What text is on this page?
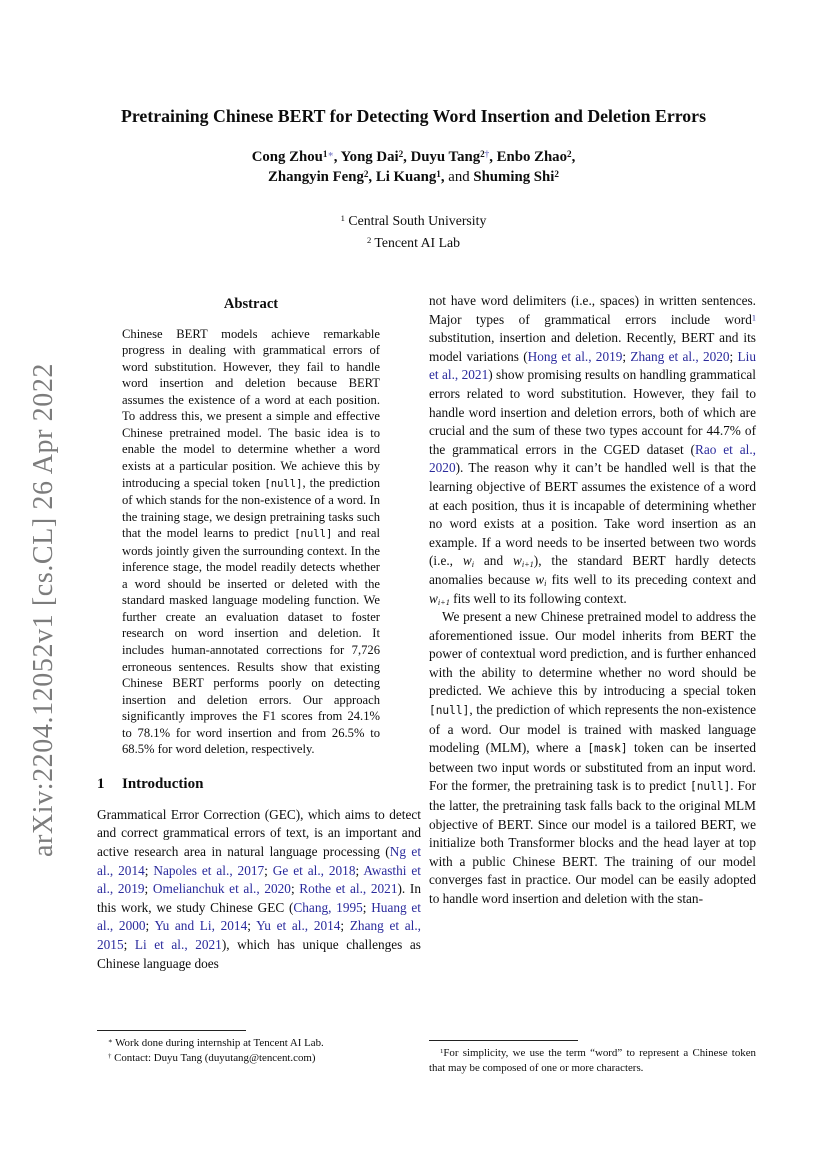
arXiv:2204.12052v1 [cs.CL] 26 Apr 2022
Pretraining Chinese BERT for Detecting Word Insertion and Deletion Errors
Cong Zhou$^{1∗}$, Yong Dai$^2$, Duyu Tang$^{2\dagger}$, Enbo Zhao$^2$,
Zhangyin Feng$^2$, Li Kuang$^1$, and Shuming Shi$^2$
$^1$ Central South University
$^2$ Tencent AI Lab
Abstract

Chinese BERT models achieve remarkable progress in dealing with grammatical errors of word substitution. However, they fail to handle word insertion and deletion because BERT assumes the existence of a word at each position. To address this, we present a simple and effective Chinese pretrained model. The basic idea is to enable the model to determine whether a word exists at a particular position. We achieve this by introducing a special token [null], the prediction of which stands for the non-existence of a word. In the training stage, we design pretraining tasks such that the model learns to predict [null] and real words jointly given the surrounding context. In the inference stage, the model readily detects whether a word should be inserted or deleted with the standard masked language modeling function. We further create an evaluation dataset to foster research on word insertion and deletion. It includes human-annotated corrections for 7,726 erroneous sentences. Results show that existing Chinese BERT performs poorly on detecting insertion and deletion errors. Our approach significantly improves the F1 scores from 24.1% to 78.1% for word insertion and from 26.5% to 68.5% for word deletion, respectively.

1 Introduction

Grammatical Error Correction (GEC), which aims to detect and correct grammatical errors of text, is an important and active research area in natural language processing (Ng et al., 2014; Napoles et al., 2017; Ge et al., 2018; Awasthi et al., 2019; Omelianchuk et al., 2020; Rothe et al., 2021). In this work, we study Chinese GEC (Chang, 1995; Huang et al., 2000; Yu and Li, 2014; Yu et al., 2014; Zhang et al., 2015; Li et al., 2021), which has unique challenges as Chinese language does

not have word delimiters (i.e., spaces) in written sentences. Major types of grammatical errors include word$^1$ substitution, insertion and deletion. Recently, BERT and its model variations (Hong et al., 2019; Zhang et al., 2020; Liu et al., 2021) show promising results on handling grammatical errors related to word substitution. However, they fail to handle word insertion and deletion errors, both of which are crucial and the sum of these two types account for 44.7% of the grammatical errors in the CGED dataset (Rao et al., 2020). The reason why it can’t be handled well is that the learning objective of BERT assumes the existence of a word at each position, thus it is incapable of determining whether no word exists at a position. Take word insertion as an example. If a word needs to be inserted between two words (i.e., wi and wi+1), the standard BERT hardly detects anomalies because wi fits well to its preceding context and wi+1 fits well to its following context.

We present a new Chinese pretrained model to address the aforementioned issue. Our model inherits from BERT the power of contextual word prediction, and is further enhanced with the ability to determine whether no word should be predicted. We achieve this by introducing a special token [null], the prediction of which represents the non-existence of a word. Our model is trained with masked language modeling (MLM), where a [mask] token can be inserted between two input words or substituted from an input word. For the former, the pretraining task is to predict [null]. For the latter, the pretraining task falls back to the original MLM objective of BERT. Since our model is a tailored BERT, we initialize both Transformer blocks and the head layer at top with a public Chinese BERT. The training of our model converges fast in practice. Our model can be easily adopted to handle word insertion and deletion with the stan-

∗ Work done during internship at Tencent AI Lab.

† Contact: Duyu Tang (duyutang@tencent.com)

$^1$For simplicity, we use the term “word” to represent a Chinese token that may be composed of one or more characters.
